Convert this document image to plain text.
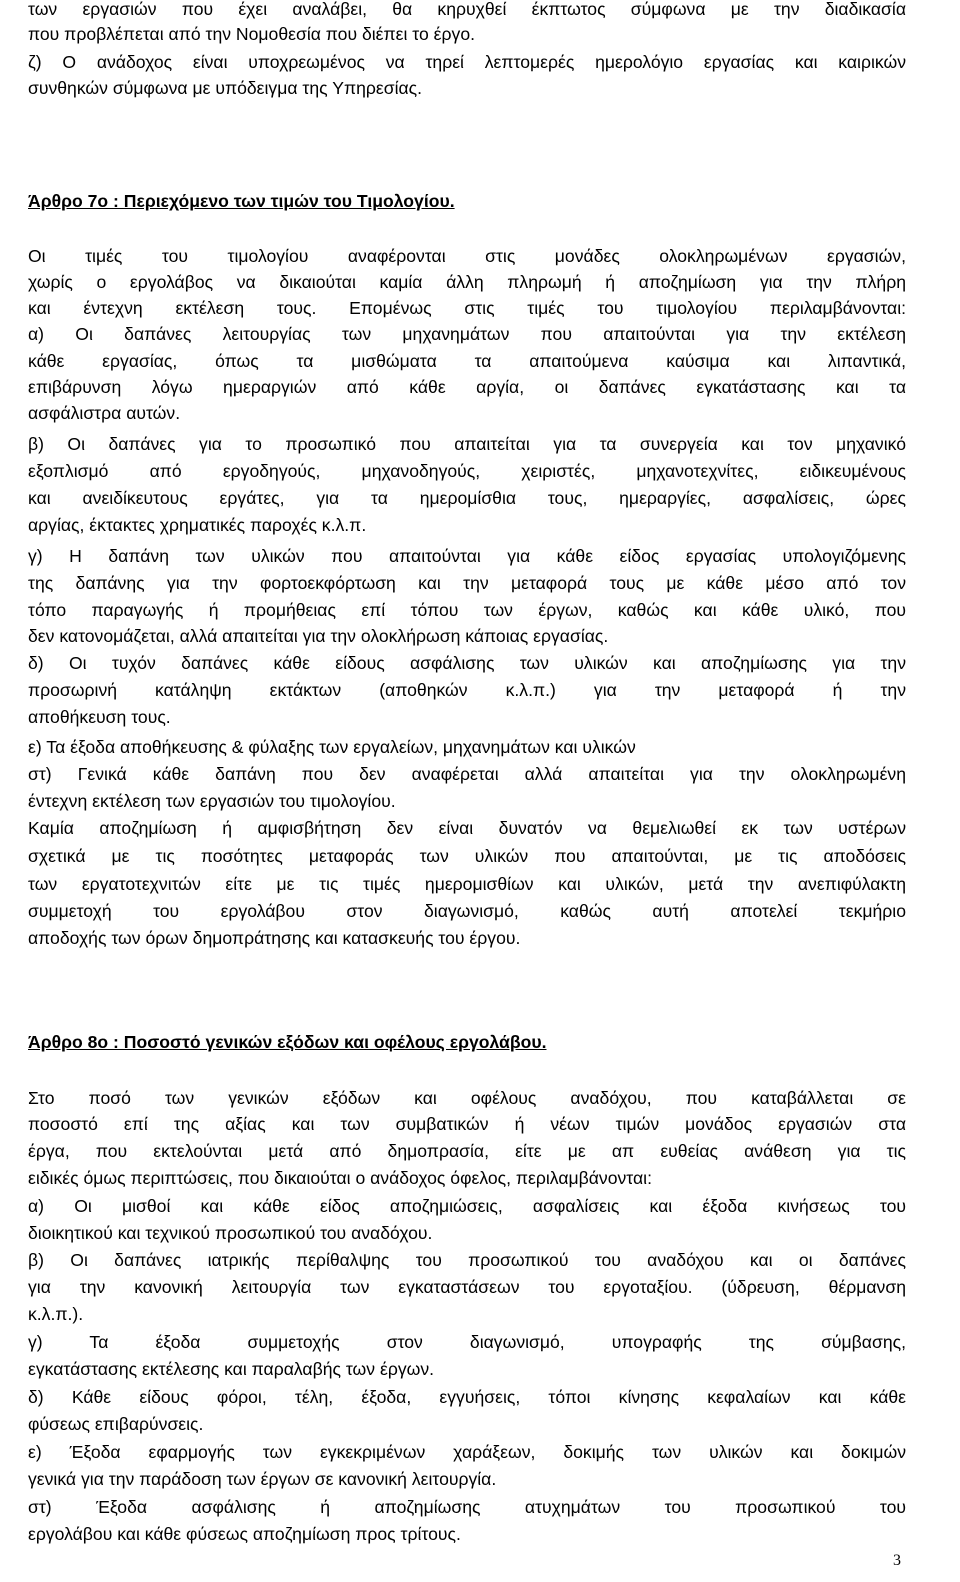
των εργασιών που έχει αναλάβει, θα κηρυχθεί έκπτωτος σύμφωνα με την διαδικασία
που προβλέπεται από την Νομοθεσία που διέπει το έργο.
ζ) Ο ανάδοχος είναι υποχρεωμένος να τηρεί λεπτομερές ημερολόγιο εργασίας και καιρικών
συνθηκών σύμφωνα με υπόδειγμα της Υπηρεσίας.
Άρθρο 7ο : Περιεχόμενο των τιμών του Τιμολογίου.
Οι τιμές του τιμολογίου αναφέρονται στις μονάδες ολοκληρωμένων εργασιών,
χωρίς ο εργολάβος να δικαιούται καμία άλλη πληρωμή ή αποζημίωση για την πλήρη
και έντεχνη εκτέλεση τους. Επομένως στις τιμές του τιμολογίου περιλαμβάνονται:
α) Οι δαπάνες λειτουργίας των μηχανημάτων που απαιτούνται για την εκτέλεση
κάθε εργασίας, όπως τα μισθώματα τα απαιτούμενα καύσιμα και λιπαντικά,
επιβάρυνση λόγω ημεραργιών από κάθε αργία, οι δαπάνες εγκατάστασης και τα
ασφάλιστρα αυτών.
β) Οι δαπάνες για το προσωπικό που απαιτείται για τα συνεργεία και τον μηχανικό
εξοπλισμό από εργοδηγούς, μηχανοδηγούς, χειριστές, μηχανοτεχνίτες, ειδικευμένους
και ανειδίκευτους εργάτες, για τα ημερομίσθια τους, ημεραργίες, ασφαλίσεις, ώρες
αργίας, έκτακτες χρηματικές παροχές κ.λ.π.
γ) Η δαπάνη των υλικών που απαιτούνται για κάθε είδος εργασίας υπολογιζόμενης
της δαπάνης για την φορτοεκφόρτωση και την μεταφορά τους με κάθε μέσο από τον
τόπο παραγωγής ή προμήθειας επί τόπου των έργων, καθώς και κάθε υλικό, που
δεν κατονομάζεται, αλλά απαιτείται για την ολοκλήρωση κάποιας εργασίας.
δ) Οι τυχόν δαπάνες κάθε είδους ασφάλισης των υλικών και αποζημίωσης για την
προσωρινή κατάληψη εκτάκτων (αποθηκών κ.λ.π.) για την μεταφορά ή την
αποθήκευση τους.
ε) Τα έξοδα αποθήκευσης & φύλαξης των εργαλείων, μηχανημάτων και υλικών
στ) Γενικά κάθε δαπάνη που δεν αναφέρεται αλλά απαιτείται για την ολοκληρωμένη
έντεχνη εκτέλεση των εργασιών του τιμολογίου.
Καμία αποζημίωση ή αμφισβήτηση δεν είναι δυνατόν να θεμελιωθεί εκ των υστέρων
σχετικά με τις ποσότητες μεταφοράς των υλικών που απαιτούνται, με τις αποδόσεις
των εργατοτεχνιτών είτε με τις τιμές ημερομισθίων και υλικών, μετά την ανεπιφύλακτη
συμμετοχή του εργολάβου στον διαγωνισμό, καθώς αυτή αποτελεί τεκμήριο
αποδοχής των όρων δημοπράτησης και κατασκευής του έργου.
Άρθρο 8ο : Ποσοστό γενικών εξόδων και οφέλους εργολάβου.
Στο ποσό των γενικών εξόδων και οφέλους αναδόχου, που καταβάλλεται σε
ποσοστό επί της αξίας και των συμβατικών ή νέων τιμών μονάδος εργασιών στα
έργα, που εκτελούνται μετά από δημοπρασία, είτε με απ ευθείας ανάθεση για τις
ειδικές όμως περιπτώσεις, που δικαιούται ο ανάδοχος όφελος, περιλαμβάνονται:
α) Οι μισθοί και κάθε είδος αποζημιώσεις, ασφαλίσεις και έξοδα κινήσεως του
διοικητικού και τεχνικού προσωπικού του αναδόχου.
β) Οι δαπάνες ιατρικής περίθαλψης του προσωπικού του αναδόχου και οι δαπάνες
για την κανονική λειτουργία των εγκαταστάσεων του εργοταξίου. (ύδρευση, θέρμανση
κ.λ.π.).
γ) Τα έξοδα συμμετοχής στον διαγωνισμό, υπογραφής της σύμβασης,
εγκατάστασης εκτέλεσης και παραλαβής των έργων.
δ) Κάθε είδους φόροι, τέλη, έξοδα, εγγυήσεις, τόποι κίνησης κεφαλαίων και κάθε
φύσεως επιβαρύνσεις.
ε) Έξοδα εφαρμογής των εγκεκριμένων χαράξεων, δοκιμής των υλικών και δοκιμών
γενικά για την παράδοση των έργων σε κανονική λειτουργία.
στ) Έξοδα ασφάλισης ή αποζημίωσης ατυχημάτων του προσωπικού του
εργολάβου και κάθε φύσεως αποζημίωση προς τρίτους.
3
